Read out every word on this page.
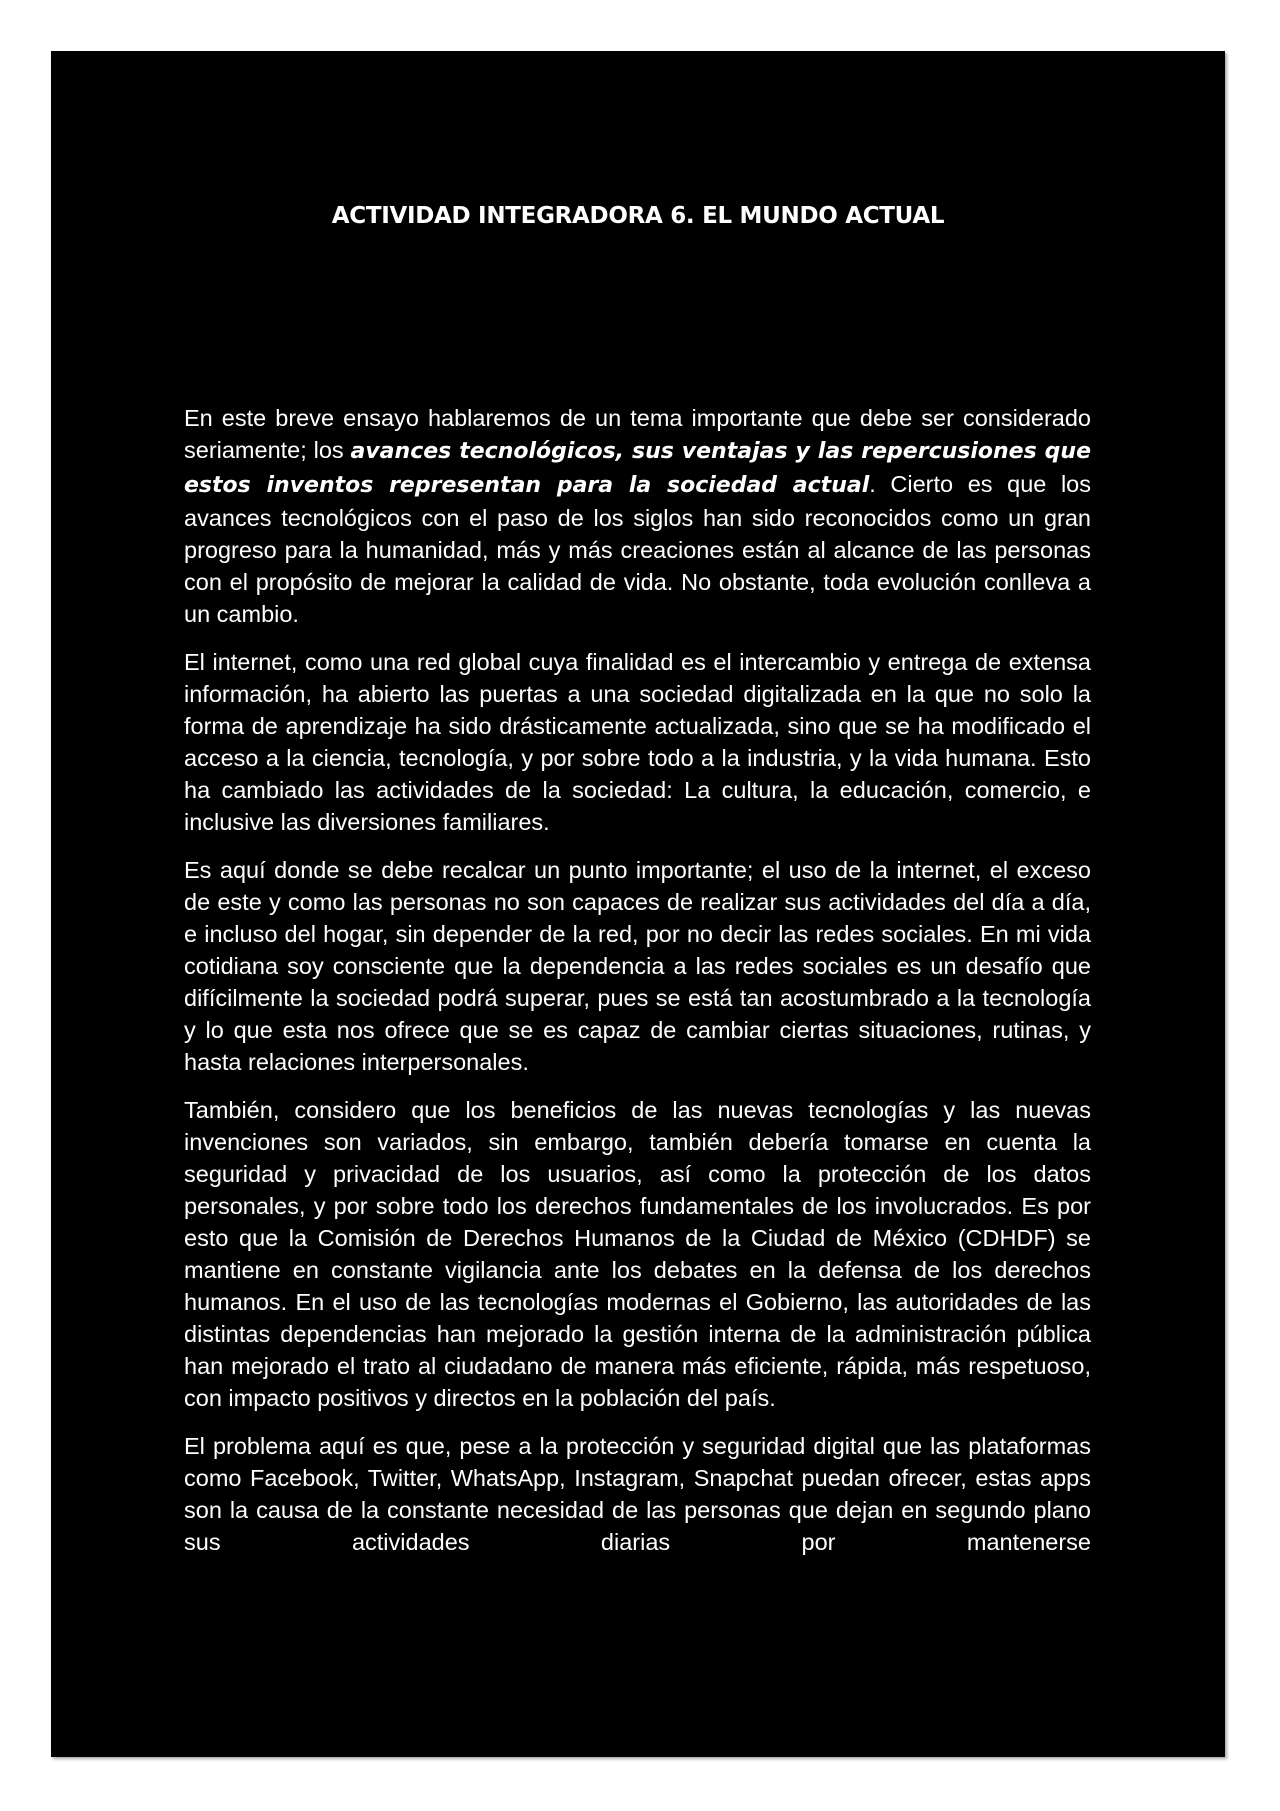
ACTIVIDAD INTEGRADORA 6. EL MUNDO ACTUAL

En este breve ensayo hablaremos de un tema importante que debe ser considerado seriamente; los avances tecnológicos, sus ventajas y las repercusiones que estos inventos representan para la sociedad actual. Cierto es que los avances tecnológicos con el paso de los siglos han sido reconocidos como un gran progreso para la humanidad, más y más creaciones están al alcance de las personas con el propósito de mejorar la calidad de vida. No obstante, toda evolución conlleva a un cambio.

El internet, como una red global cuya finalidad es el intercambio y entrega de extensa información, ha abierto las puertas a una sociedad digitalizada en la que no solo la forma de aprendizaje ha sido drásticamente actualizada, sino que se ha modificado el acceso a la ciencia, tecnología, y por sobre todo a la industria, y la vida humana. Esto ha cambiado las actividades de la sociedad: La cultura, la educación, comercio, e inclusive las diversiones familiares.

Es aquí donde se debe recalcar un punto importante; el uso de la internet, el exceso de este y como las personas no son capaces de realizar sus actividades del día a día, e incluso del hogar, sin depender de la red, por no decir las redes sociales. En mi vida cotidiana soy consciente que la dependencia a las redes sociales es un desafío que difícilmente la sociedad podrá superar, pues se está tan acostumbrado a la tecnología y lo que esta nos ofrece que se es capaz de cambiar ciertas situaciones, rutinas, y hasta relaciones interpersonales.

También, considero que los beneficios de las nuevas tecnologías y las nuevas invenciones son variados, sin embargo, también debería tomarse en cuenta la seguridad y privacidad de los usuarios, así como la protección de los datos personales, y por sobre todo los derechos fundamentales de los involucrados. Es por esto que la Comisión de Derechos Humanos de la Ciudad de México (CDHDF) se mantiene en constante vigilancia ante los debates en la defensa de los derechos humanos. En el uso de las tecnologías modernas el Gobierno, las autoridades de las distintas dependencias han mejorado la gestión interna de la administración pública han mejorado el trato al ciudadano de manera más eficiente, rápida, más respetuoso, con impacto positivos y directos en la población del país.

El problema aquí es que, pese a la protección y seguridad digital que las plataformas como Facebook, Twitter, WhatsApp, Instagram, Snapchat puedan ofrecer, estas apps son la causa de la constante necesidad de las personas que dejan en segundo plano sus actividades diarias por mantenerse
